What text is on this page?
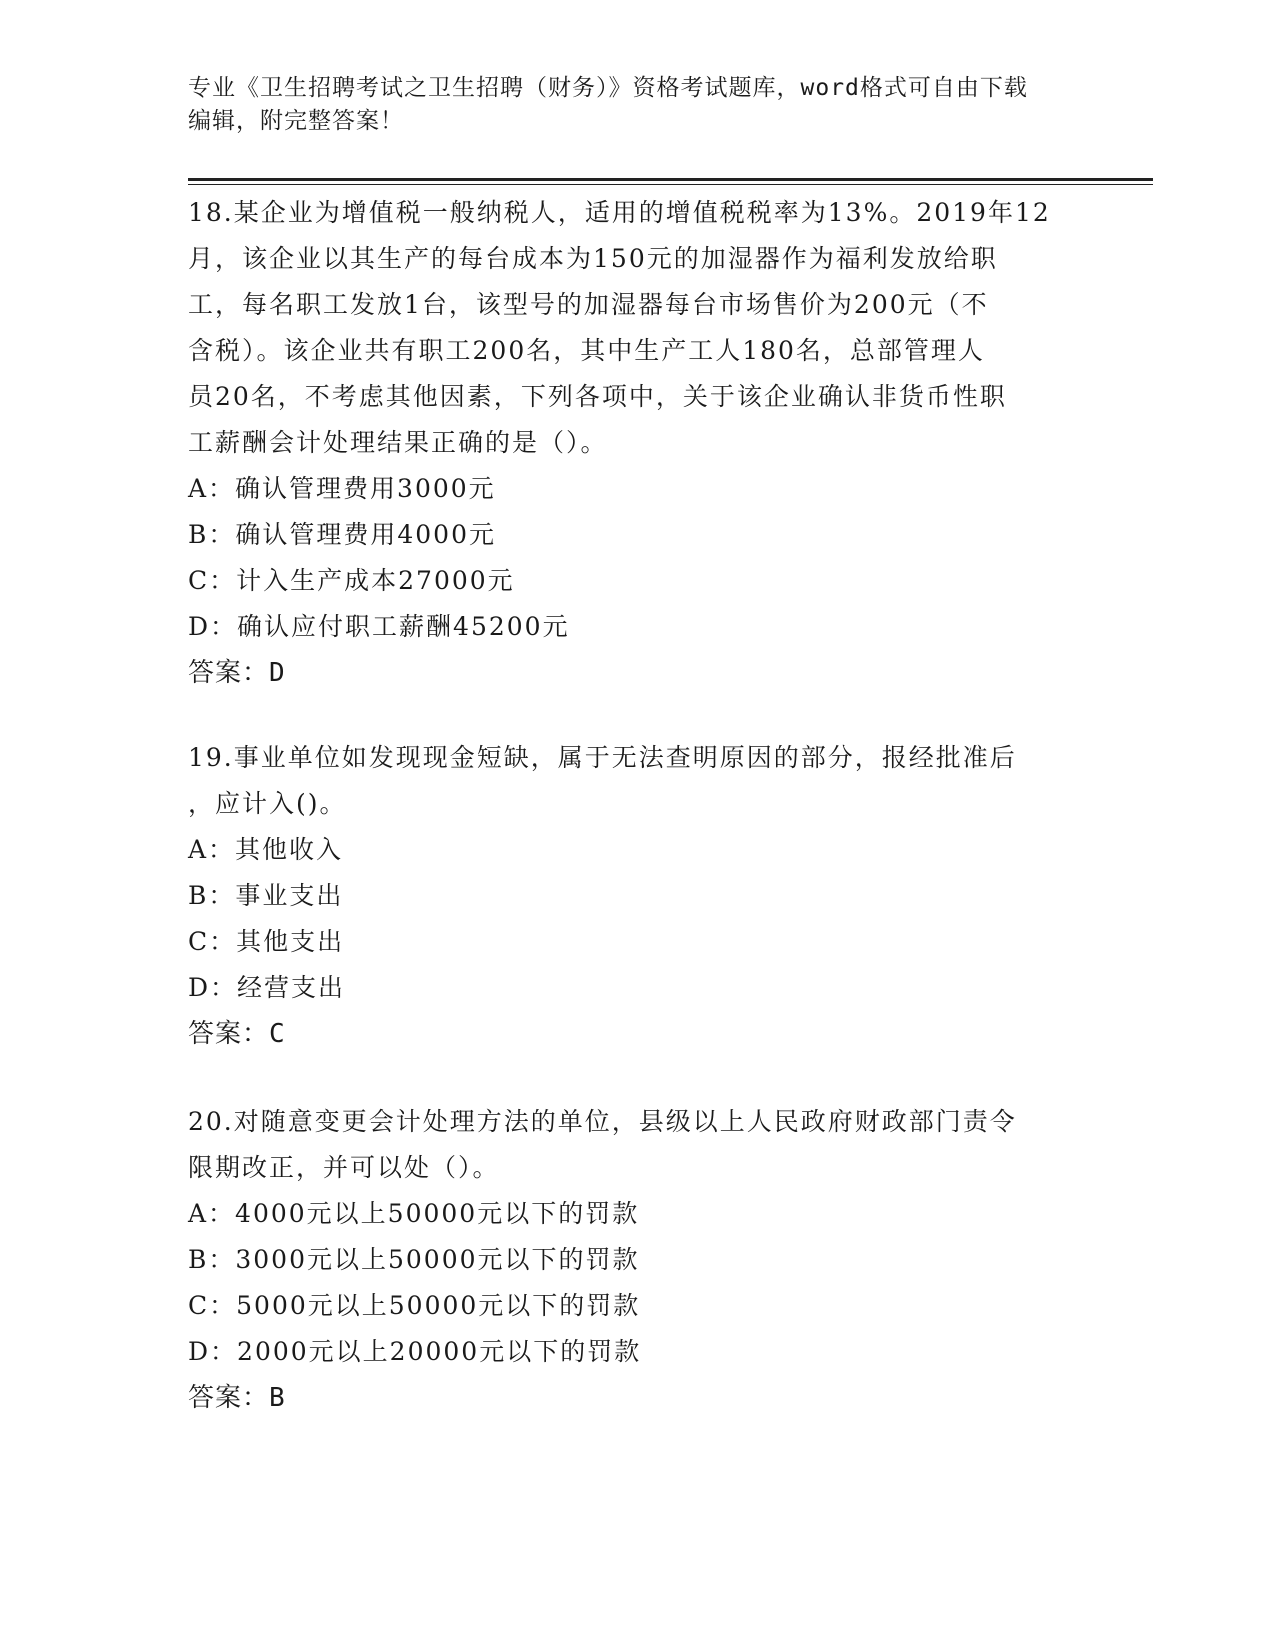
专业《卫生招聘考试之卫生招聘（财务）》资格考试题库，word格式可自由下载
编辑，附完整答案！
18.某企业为增值税一般纳税人，适用的增值税税率为13%。2019年12
月，该企业以其生产的每台成本为150元的加湿器作为福利发放给职
工，每名职工发放1台，该型号的加湿器每台市场售价为200元（不
含税）。该企业共有职工200名，其中生产工人180名，总部管理人
员20名，不考虑其他因素，下列各项中，关于该企业确认非货币性职
工薪酬会计处理结果正确的是（）。
A：确认管理费用3000元
B：确认管理费用4000元
C：计入生产成本27000元
D：确认应付职工薪酬45200元
答案：D
19.事业单位如发现现金短缺，属于无法查明原因的部分，报经批准后
，应计入()。
A：其他收入
B：事业支出
C：其他支出
D：经营支出
答案：C
20.对随意变更会计处理方法的单位，县级以上人民政府财政部门责令
限期改正，并可以处（）。
A：4000元以上50000元以下的罚款
B：3000元以上50000元以下的罚款
C：5000元以上50000元以下的罚款
D：2000元以上20000元以下的罚款
答案：B
